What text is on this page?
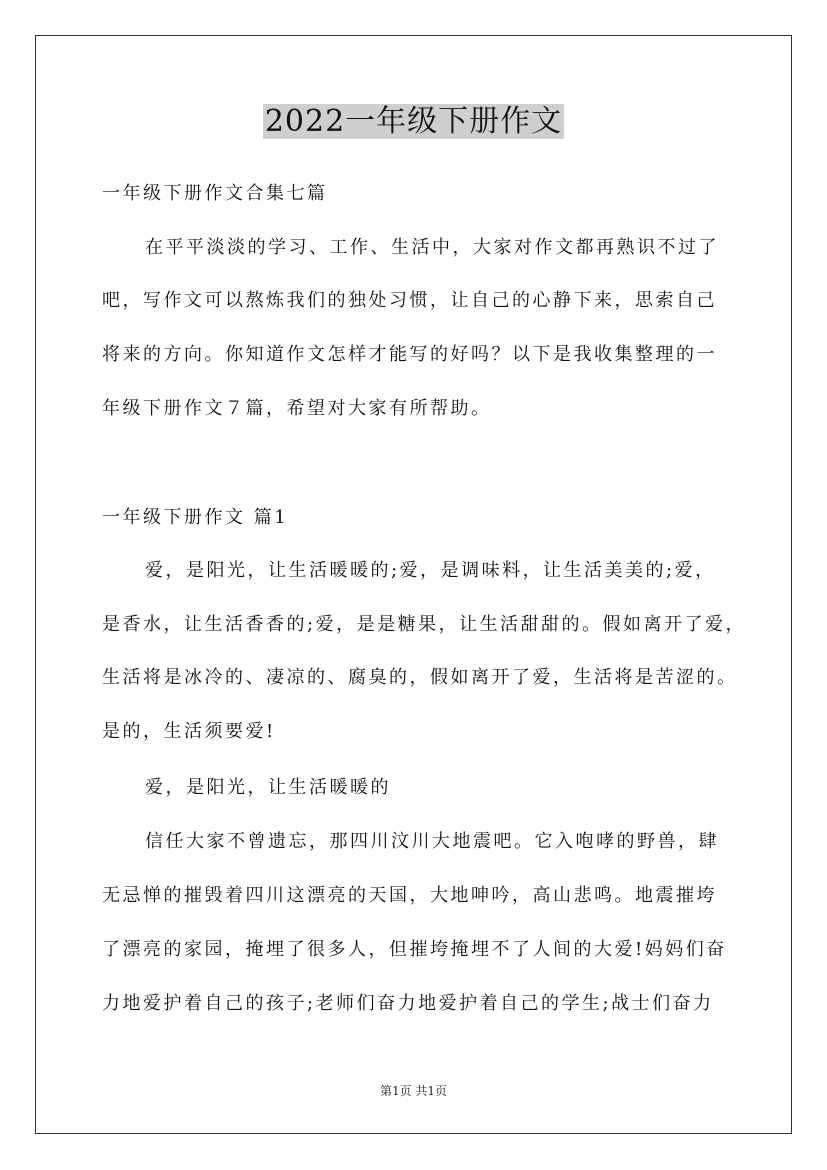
2022一年级下册作文
一年级下册作文合集七篇
在平平淡淡的学习、工作、生活中，大家对作文都再熟识不过了
吧，写作文可以熬炼我们的独处习惯，让自己的心静下来，思索自己
将来的方向。你知道作文怎样才能写的好吗？以下是我收集整理的一
年级下册作文７篇，希望对大家有所帮助。
一年级下册作文 篇1
爱，是阳光，让生活暖暖的;爱，是调味料，让生活美美的;爱，
是香水，让生活香香的;爱，是是糖果，让生活甜甜的。假如离开了爱，
生活将是冰冷的、凄凉的、腐臭的，假如离开了爱，生活将是苦涩的。
是的，生活须要爱!
爱，是阳光，让生活暖暖的
信任大家不曾遗忘，那四川汶川大地震吧。它入咆哮的野兽，肆
无忌惮的摧毁着四川这漂亮的天国，大地呻吟，高山悲鸣。地震摧垮
了漂亮的家园，掩埋了很多人，但摧垮掩埋不了人间的大爱!妈妈们奋
力地爱护着自己的孩子;老师们奋力地爱护着自己的学生;战士们奋力
第1页 共1页
